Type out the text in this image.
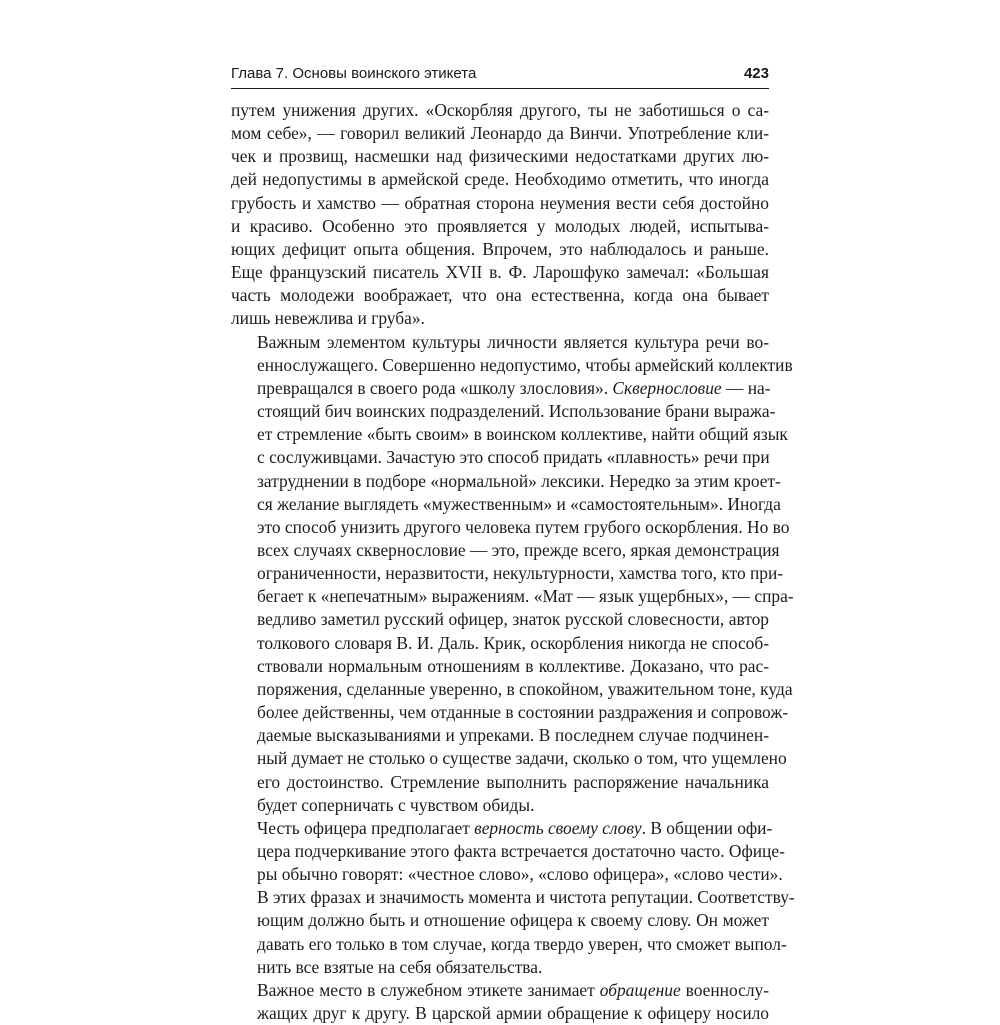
Глава 7. Основы воинского этикета	423

путем унижения других. «Оскорбляя другого, ты не заботишься о са-
мом себе», — говорил великий Леонардо да Винчи. Употребление кли-
чек и прозвищ, насмешки над физическими недостатками других лю-
дей недопустимы в армейской среде. Необходимо отметить, что иногда
грубость и хамство — обратная сторона неумения вести себя достойно
и красиво. Особенно это проявляется у молодых людей, испытыва-
ющих дефицит опыта общения. Впрочем, это наблюдалось и раньше.
Еще французский писатель XVII в. Ф. Ларошфуко замечал: «Большая
часть молодежи воображает, что она естественна, когда она бывает
лишь невежлива и груба».

Важным элементом культуры личности является культура речи во-
еннослужащего. Совершенно недопустимо, чтобы армейский коллектив
превращался в своего рода «школу злословия». Сквернословие — на-
стоящий бич воинских подразделений. Использование брани выража-
ет стремление «быть своим» в воинском коллективе, найти общий язык
с сослуживцами. Зачастую это способ придать «плавность» речи при
затруднении в подборе «нормальной» лексики. Нередко за этим кроет-
ся желание выглядеть «мужественным» и «самостоятельным». Иногда
это способ унизить другого человека путем грубого оскорбления. Но во
всех случаях сквернословие — это, прежде всего, яркая демонстрация
ограниченности, неразвитости, некультурности, хамства того, кто при-
бегает к «непечатным» выражениям. «Мат — язык ущербных», — спра-
ведливо заметил русский офицер, знаток русской словесности, автор
толкового словаря В. И. Даль. Крик, оскорбления никогда не способ-
ствовали нормальным отношениям в коллективе. Доказано, что рас-
поряжения, сделанные уверенно, в спокойном, уважительном тоне, куда
более действенны, чем отданные в состоянии раздражения и сопровож-
даемые высказываниями и упреками. В последнем случае подчинен-
ный думает не столько о существе задачи, сколько о том, что ущемлено
его достоинство. Стремление выполнить распоряжение начальника
будет соперничать с чувством обиды.

Честь офицера предполагает верность своему слову. В общении офи-
цера подчеркивание этого факта встречается достаточно часто. Офице-
ры обычно говорят: «честное слово», «слово офицера», «слово чести».
В этих фразах и значимость момента и чистота репутации. Соответству-
ющим должно быть и отношение офицера к своему слову. Он может
давать его только в том случае, когда твердо уверен, что сможет выпол-
нить все взятые на себя обязательства.

Важное место в служебном этикете занимает обращение военнослу-
жащих друг к другу. В царской армии обращение к офицеру носило
